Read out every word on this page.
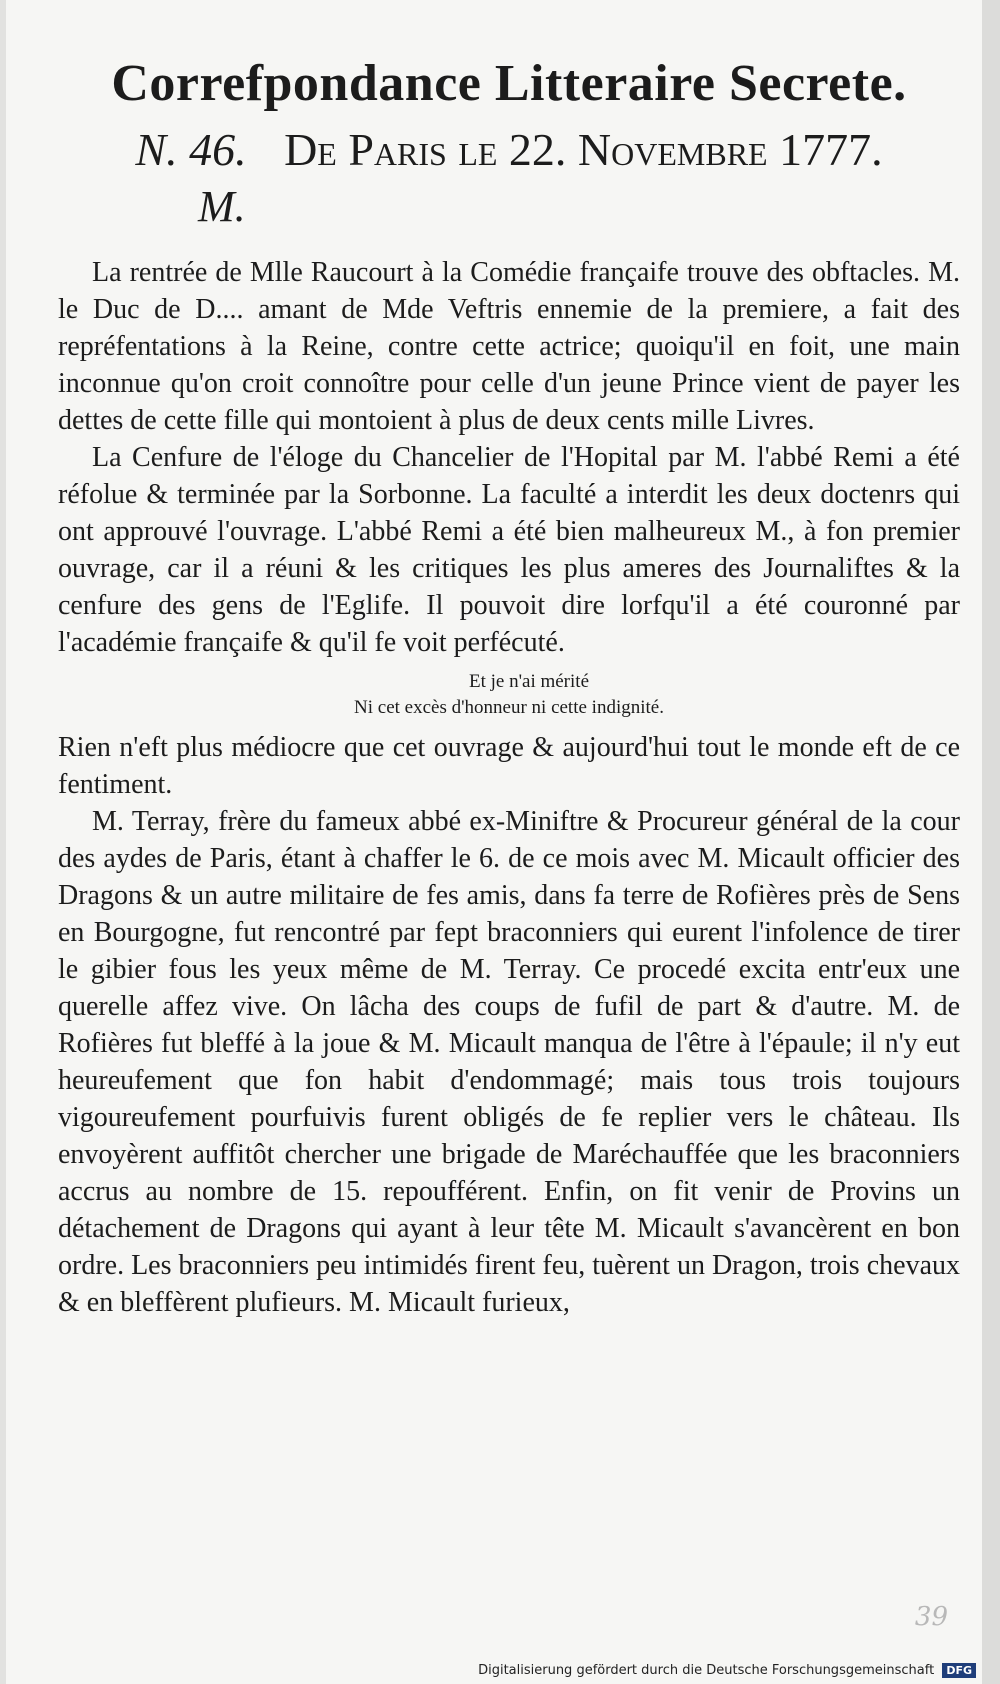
Correfpondance Litteraire Secrete.
N. 46. De Paris le 22. Novembre 1777.
M.

La rentrée de Mlle Raucourt à la Comédie françaife trouve des obftacles. M. le Duc de D.... amant de Mde Veftris ennemie de la premiere, a fait des repréfentations à la Reine, contre cette actrice; quoiqu'il en foit, une main inconnue qu'on croit connoître pour celle d'un jeune Prince vient de payer les dettes de cette fille qui montoient à plus de deux cents mille Livres.

La Cenfure de l'éloge du Chancelier de l'Hopital par M. l'abbé Remi a été réfolue & terminée par la Sorbonne. La faculté a interdit les deux doctenrs qui ont approuvé l'ouvrage. L'abbé Remi a été bien malheureux M., à fon premier ouvrage, car il a réuni & les critiques les plus ameres des Journaliftes & la cenfure des gens de l'Eglife. Il pouvoit dire lorfqu'il a été couronné par l'académie françaife & qu'il fe voit perfécuté.

Et je n'ai mérité
Ni cet excès d'honneur ni cette indignité.

Rien n'eft plus médiocre que cet ouvrage & aujourd'hui tout le monde eft de ce fentiment.

M. Terray, frère du fameux abbé ex-Miniftre & Procureur général de la cour des aydes de Paris, étant à chaffer le 6. de ce mois avec M. Micault officier des Dragons & un autre militaire de fes amis, dans fa terre de Rofières près de Sens en Bourgogne, fut rencontré par fept braconniers qui eurent l'infolence de tirer le gibier fous les yeux même de M. Terray. Ce procedé excita entr'eux une querelle affez vive. On lâcha des coups de fufil de part & d'autre. M. de Rofières fut bleffé à la joue & M. Micault manqua de l'être à l'épaule; il n'y eut heureufement que fon habit d'endommagé; mais tous trois toujours vigoureufement pourfuivis furent obligés de fe replier vers le château. Ils envoyèrent auffitôt chercher une brigade de Maréchauffée que les braconniers accrus au nombre de 15. repoufférent. Enfin, on fit venir de Provins un détachement de Dragons qui ayant à leur tête M. Micault s'avancèrent en bon ordre. Les braconniers peu intimidés firent feu, tuèrent un Dragon, trois chevaux & en bleffèrent plufieurs. M. Micault furieux,

39
Digitalisierung gefördert durch die Deutsche Forschungsgemeinschaft DFG
